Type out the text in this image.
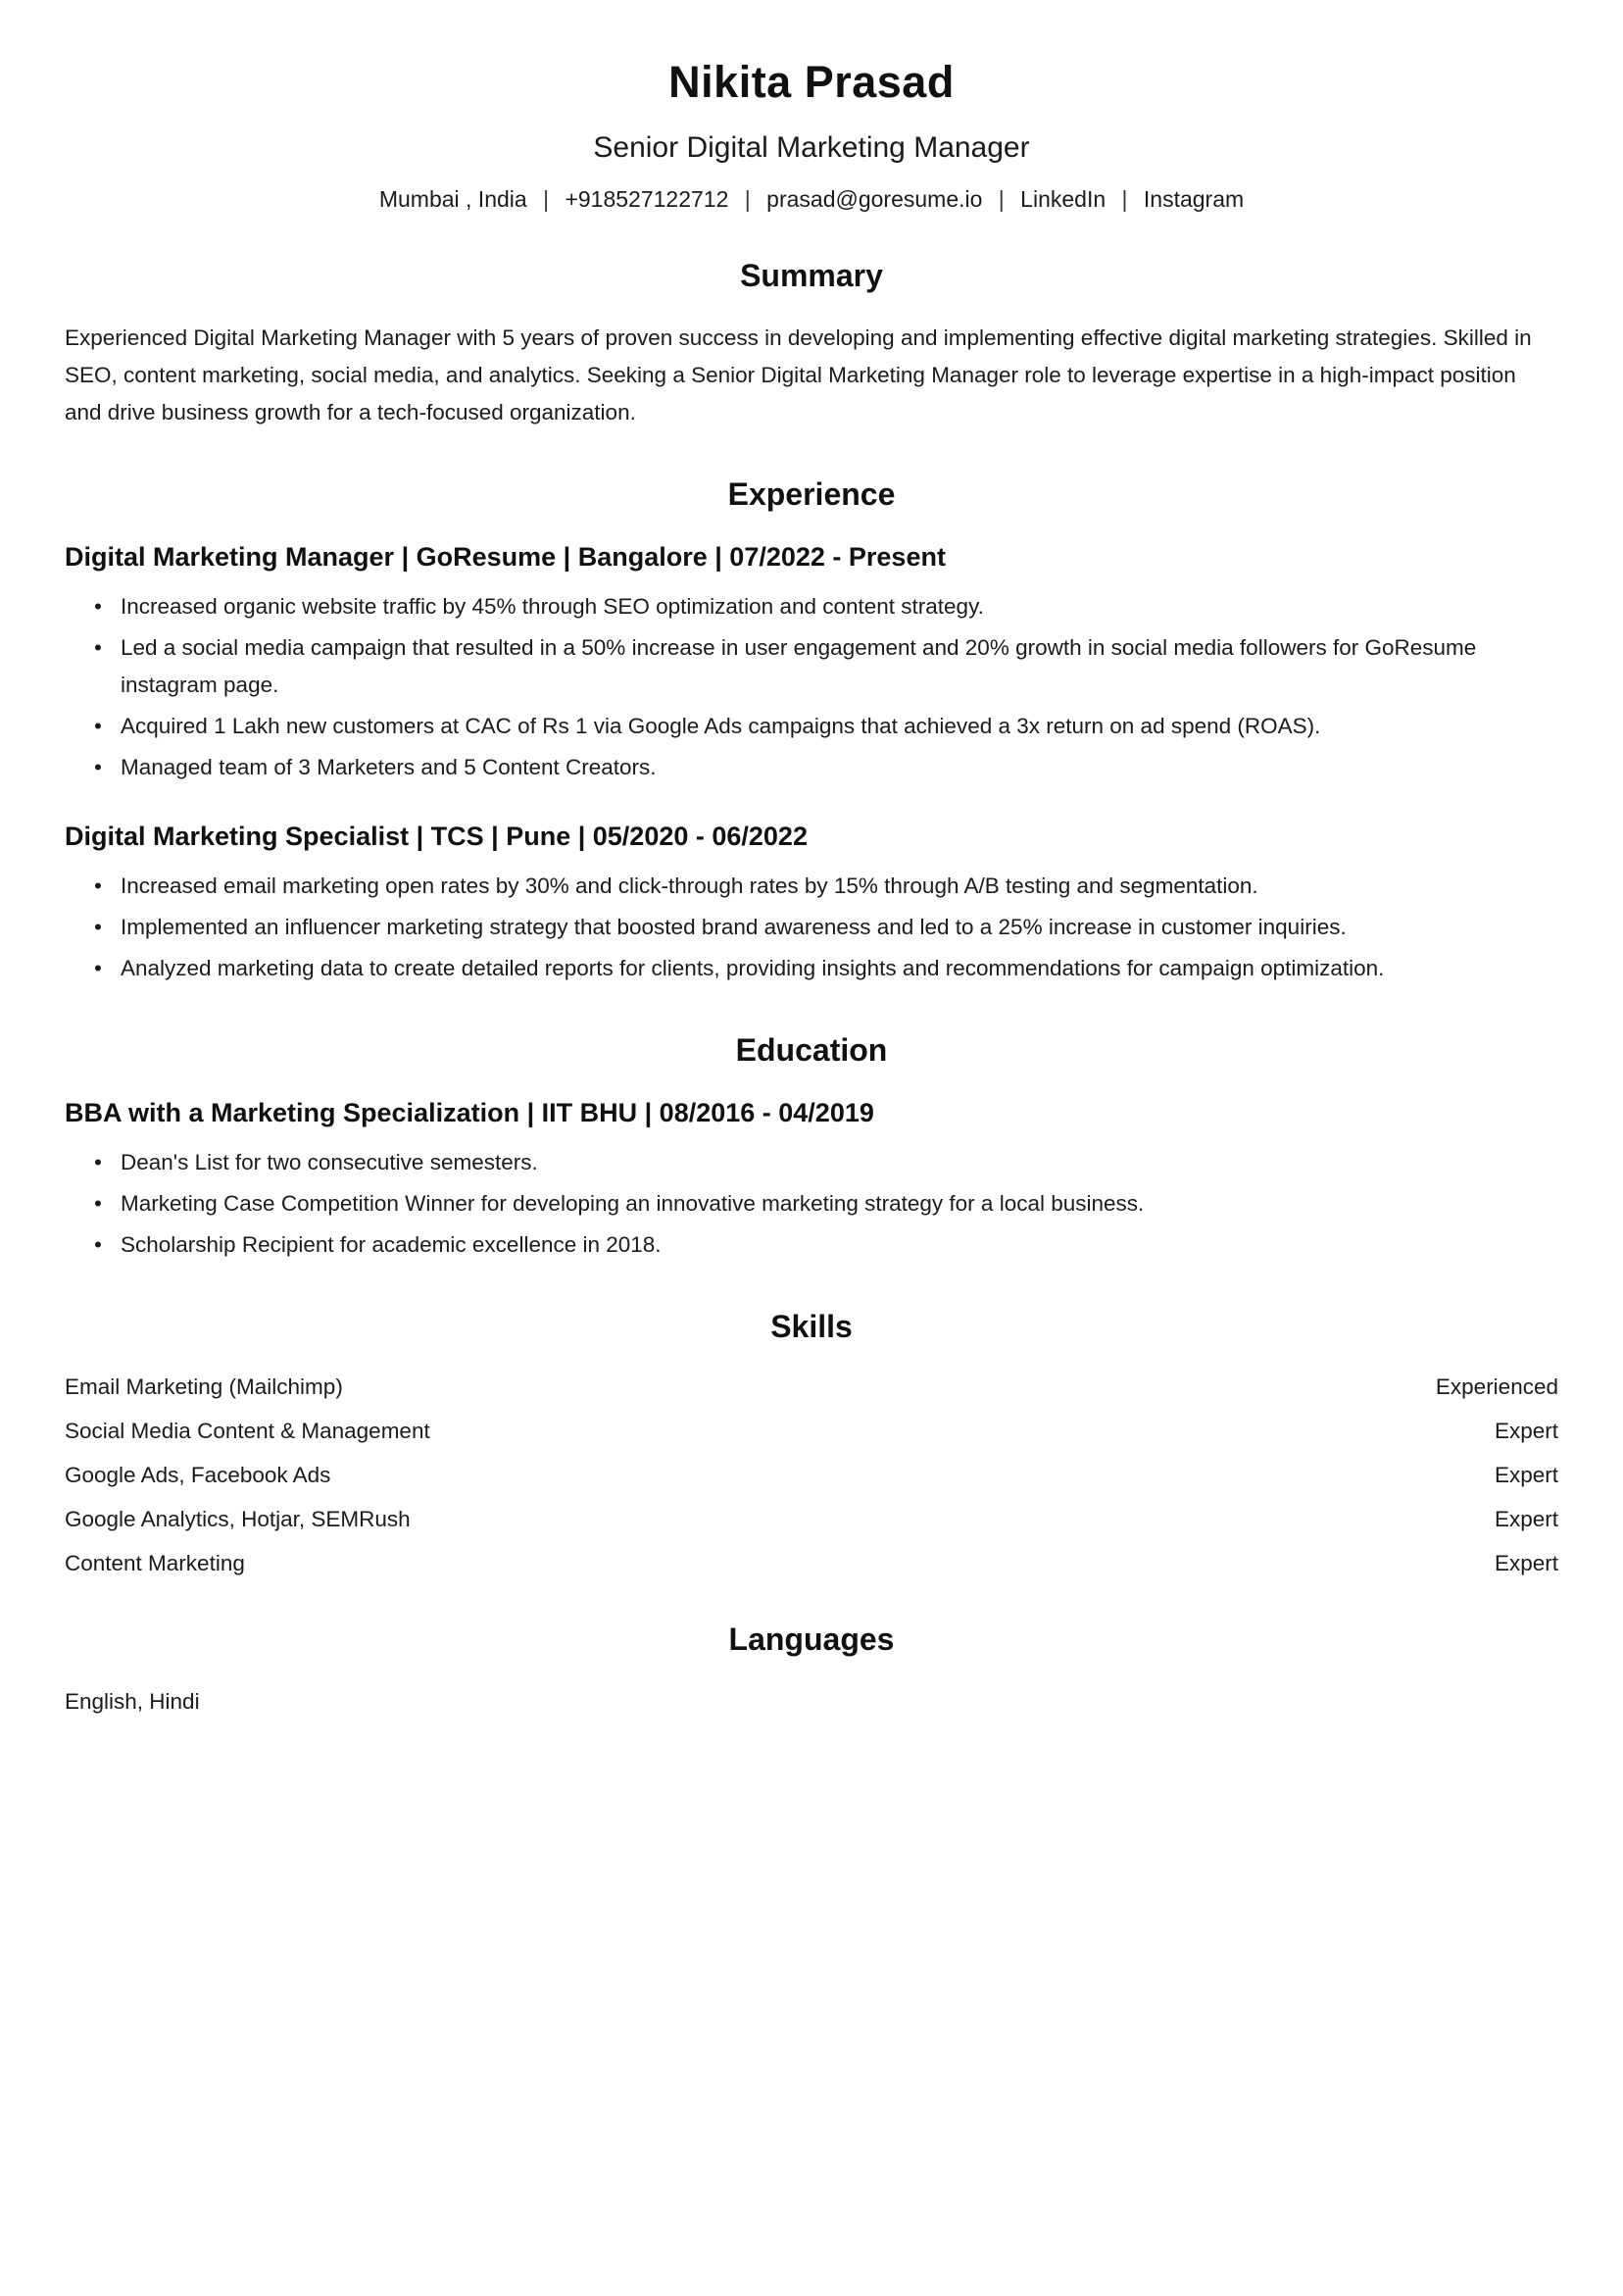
Nikita Prasad
Senior Digital Marketing Manager
Mumbai , India | +918527122712 | prasad@goresume.io | LinkedIn | Instagram
Summary

Experienced Digital Marketing Manager with 5 years of proven success in developing and implementing effective digital marketing strategies. Skilled in SEO, content marketing, social media, and analytics. Seeking a Senior Digital Marketing Manager role to leverage expertise in a high-impact position and drive business growth for a tech-focused organization.

Experience
Digital Marketing Manager | GoResume | Bangalore | 07/2022 - Present
• Increased organic website traffic by 45% through SEO optimization and content strategy.
• Led a social media campaign that resulted in a 50% increase in user engagement and 20% growth in social media followers for GoResume instagram page.
• Acquired 1 Lakh new customers at CAC of Rs 1 via Google Ads campaigns that achieved a 3x return on ad spend (ROAS).
• Managed team of 3 Marketers and 5 Content Creators.
Digital Marketing Specialist | TCS | Pune | 05/2020 - 06/2022
• Increased email marketing open rates by 30% and click-through rates by 15% through A/B testing and segmentation.
• Implemented an influencer marketing strategy that boosted brand awareness and led to a 25% increase in customer inquiries.
• Analyzed marketing data to create detailed reports for clients, providing insights and recommendations for campaign optimization.
Education
BBA with a Marketing Specialization | IIT BHU | 08/2016 - 04/2019
• Dean's List for two consecutive semesters.
• Marketing Case Competition Winner for developing an innovative marketing strategy for a local business.
• Scholarship Recipient for academic excellence in 2018.
Skills
Email Marketing (Mailchimp)	Experienced
Social Media Content & Management	Expert
Google Ads, Facebook Ads	Expert
Google Analytics, Hotjar, SEMRush	Expert
Content Marketing	Expert
Languages

English, Hindi
